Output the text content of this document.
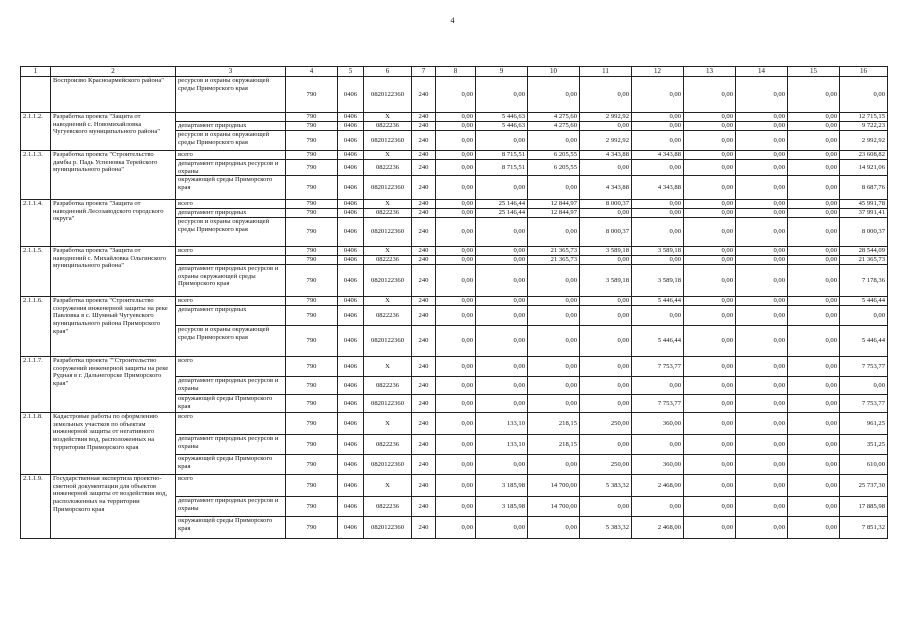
4
1	2	3	4	5	6	7	8	9	10	11	12	13	14	15	16
	Воспроизво Красноармейского района"	ресурсов и охраны окружающей среды Приморского края	790	0406	0820122360	240	0,00	0,00	0,00	0,00	0,00	0,00	0,00	0,00	0,00
2.1.1.2.	Разработка проекта "Защита от наводнений с. Новомихайловка Чугуевского муниципального района"		790	0406	X	240	0,00	5 446,63	4 275,60	2 992,92	0,00	0,00	0,00	0,00	12 715,15
		департамент природных	790	0406	0822236	240	0,00	5 446,63	4 275,60	0,00	0,00	0,00	0,00	0,00	9 722,23
		ресурсов и охраны окружающей среды Приморского края	790	0406	0820122360	240	0,00	0,00	0,00	2 992,92	0,00	0,00	0,00	0,00	2 992,92
2.1.1.3.	Разработка проекта "Строительство дамбы р. Падь Успеновка Терейского муниципального района"	всего	790	0406	X	240	0,00	8 715,51	6 205,55	4 343,88	4 343,88	0,00	0,00	0,00	23 608,82
		департамент природных ресурсов и охраны	790	0406	0822236	240	0,00	8 715,51	6 205,55	0,00	0,00	0,00	0,00	0,00	14 921,06
		окружающей среды Приморского края	790	0406	0820122360	240	0,00	0,00	0,00	4 343,88	4 343,88	0,00	0,00	0,00	8 687,76
2.1.1.4.	Разработка проекта "Защита от наводнений Лесозаводского городского округа"	всего	790	0406	X	240	0,00	25 146,44	12 844,97	8 000,37	0,00	0,00	0,00	0,00	45 991,78
		департамент природных	790	0406	0822236	240	0,00	25 146,44	12 844,97	0,00	0,00	0,00	0,00	0,00	37 991,41
		ресурсов и охраны окружающей среды Приморского края	790	0406	0820122360	240	0,00	0,00	0,00	8 000,37	0,00	0,00	0,00	0,00	8 000,37
2.1.1.5.	Разработка проекта "Защита от наводнений с. Михайловка Ольгинского муниципального района"	всего	790	0406	X	240	0,00	0,00	21 365,73	3 589,18	3 589,18	0,00	0,00	0,00	28 544,09
			790	0406	0822236	240	0,00	0,00	21 365,73	0,00	0,00	0,00	0,00	0,00	21 365,73
		департамент природных ресурсов и охраны окружающей среды Приморского края	790	0406	0820122360	240	0,00	0,00	0,00	3 589,18	3 589,18	0,00	0,00	0,00	7 178,36
2.1.1.6.	Разработка проекта "Строительство сооружения инженерной защиты на реке Павловка в с. Шумный Чугуевского муниципального района Приморского края"	всего	790	0406	X	240	0,00	0,00	0,00	0,00	5 446,44	0,00	0,00	0,00	5 446,44
		департамент природных	790	0406	0822236	240	0,00	0,00	0,00	0,00	0,00	0,00	0,00	0,00	0,00
		ресурсов и охраны окружающей среды Приморского края	790	0406	0820122360	240	0,00	0,00	0,00	0,00	5 446,44	0,00	0,00	0,00	5 446,44
2.1.1.7.	Разработка проекта ""Строительство сооружений инженерной защиты на реке Рудная в г. Дальнегорске Приморского края"	всего	790	0406	X	240	0,00	0,00	0,00	0,00	7 753,77	0,00	0,00	0,00	7 753,77
		департамент природных ресурсов и охраны	790	0406	0822236	240	0,00	0,00	0,00	0,00	0,00	0,00	0,00	0,00	0,00
		окружающей среды Приморского края	790	0406	0820122360	240	0,00	0,00	0,00	0,00	7 753,77	0,00	0,00	0,00	7 753,77
2.1.1.8.	Кадастровые работы по оформлению земельных участков по объектам инженерной защиты от негативного воздействия вод, расположенных на территории Приморского края	всего	790	0406	X	240	0,00	133,10	218,15	250,00	360,00	0,00	0,00	0,00	961,25
		департамент природных ресурсов и охраны	790	0406	0822236	240	0,00	133,10	218,15	0,00	0,00	0,00	0,00	0,00	351,25
		окружающей среды Приморского края	790	0406	0820122360	240	0,00	0,00	0,00	250,00	360,00	0,00	0,00	0,00	610,00
2.1.1.9.	Государственная экспертиза проектно-сметной документации для объектов инженерной защиты от воздействия вод, расположенных на территории Приморского края	всего	790	0406	X	240	0,00	3 185,98	14 700,00	5 383,32	2 468,00	0,00	0,00	0,00	25 737,30
		департамент природных ресурсов и охраны	790	0406	0822236	240	0,00	3 185,98	14 700,00	0,00	0,00	0,00	0,00	0,00	17 885,98
		окружающей среды Приморского края	790	0406	0820122360	240	0,00	0,00	0,00	5 383,32	2 468,00	0,00	0,00	0,00	7 851,32
